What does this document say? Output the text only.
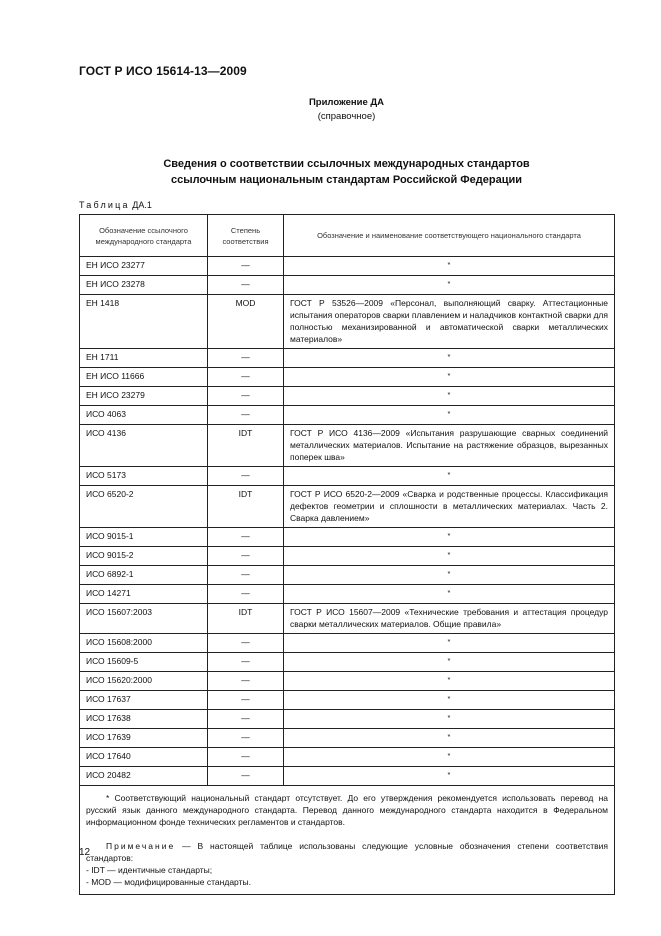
ГОСТ Р ИСО 15614-13—2009
Приложение ДА
(справочное)
Сведения о соответствии ссылочных международных стандартов
ссылочным национальным стандартам Российской Федерации
Таблица ДА.1
Обозначение ссылочного международного стандарта	Степень соответствия	Обозначение и наименование соответствующего национального стандарта
ЕН ИСО 23277	—	*
ЕН ИСО 23278	—	*
ЕН 1418	MOD	ГОСТ Р 53526—2009 «Персонал, выполняющий сварку. Аттестационные испытания операторов сварки плавлением и наладчиков контактной сварки для полностью механизированной и автоматической сварки металлических материалов»
ЕН 1711	—	*
ЕН ИСО 11666	—	*
ЕН ИСО 23279	—	*
ИСО 4063	—	*
ИСО 4136	IDT	ГОСТ Р ИСО 4136—2009 «Испытания разрушающие сварных соединений металлических материалов. Испытание на растяжение образцов, вырезанных поперек шва»
ИСО 5173	—	*
ИСО 6520-2	IDT	ГОСТ Р ИСО 6520-2—2009 «Сварка и родственные процессы. Классификация дефектов геометрии и сплошности в металлических материалах. Часть 2. Сварка давлением»
ИСО 9015-1	—	*
ИСО 9015-2	—	*
ИСО 6892-1	—	*
ИСО 14271	—	*
ИСО 15607:2003	IDT	ГОСТ Р ИСО 15607—2009 «Технические требования и аттестация процедур сварки металлических материалов. Общие правила»
ИСО 15608:2000	—	*
ИСО 15609-5	—	*
ИСО 15620:2000	—	*
ИСО 17637	—	*
ИСО 17638	—	*
ИСО 17639	—	*
ИСО 17640	—	*
ИСО 20482	—	*

* Соответствующий национальный стандарт отсутствует. До его утверждения рекомендуется использовать перевод на русский язык данного международного стандарта. Перевод данного международного стандарта находится в Федеральном информационном фонде технических регламентов и стандартов.

Примечание — В настоящей таблице использованы следующие условные обозначения степени соответствия стандартов:

- IDT — идентичные стандарты;

- MOD — модифицированные стандарты.		

12
